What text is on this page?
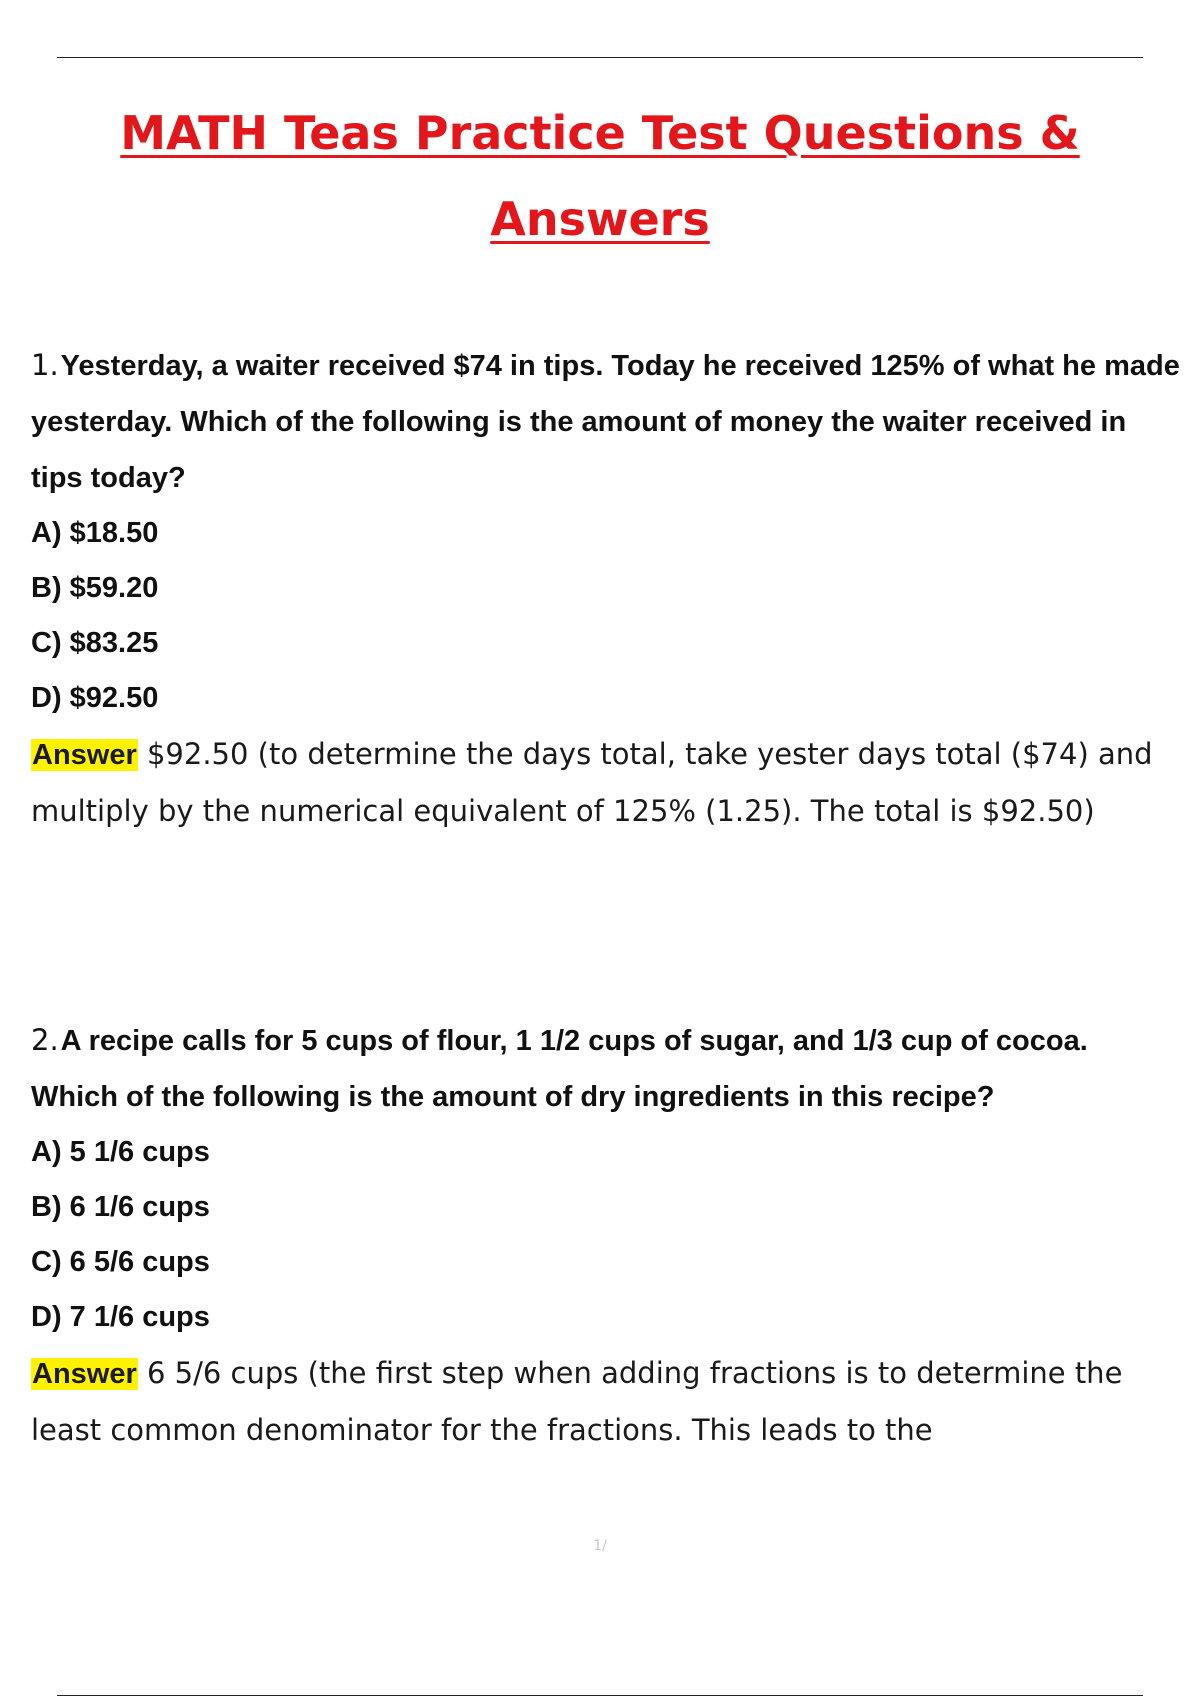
MATH Teas Practice Test Questions &
Answers

1.Yesterday, a waiter received $74 in tips. Today he received 125% of what he made yesterday. Which of the following is the amount of money the waiter received in tips today?

A) $18.50
B) $59.20
C) $83.25
D) $92.50

Answer $92.50 (to determine the days total, take yester days total ($74) and multiply by the numerical equivalent of 125% (1.25). The total is $92.50)

2.A recipe calls for 5 cups of flour, 1 1/2 cups of sugar, and 1/3 cup of cocoa. Which of the following is the amount of dry ingredients in this recipe?

A) 5 1/6 cups
B) 6 1/6 cups
C) 6 5/6 cups
D) 7 1/6 cups

Answer 6 5/6 cups (the first step when adding fractions is to determine the least common denominator for the fractions. This leads to the

1/
